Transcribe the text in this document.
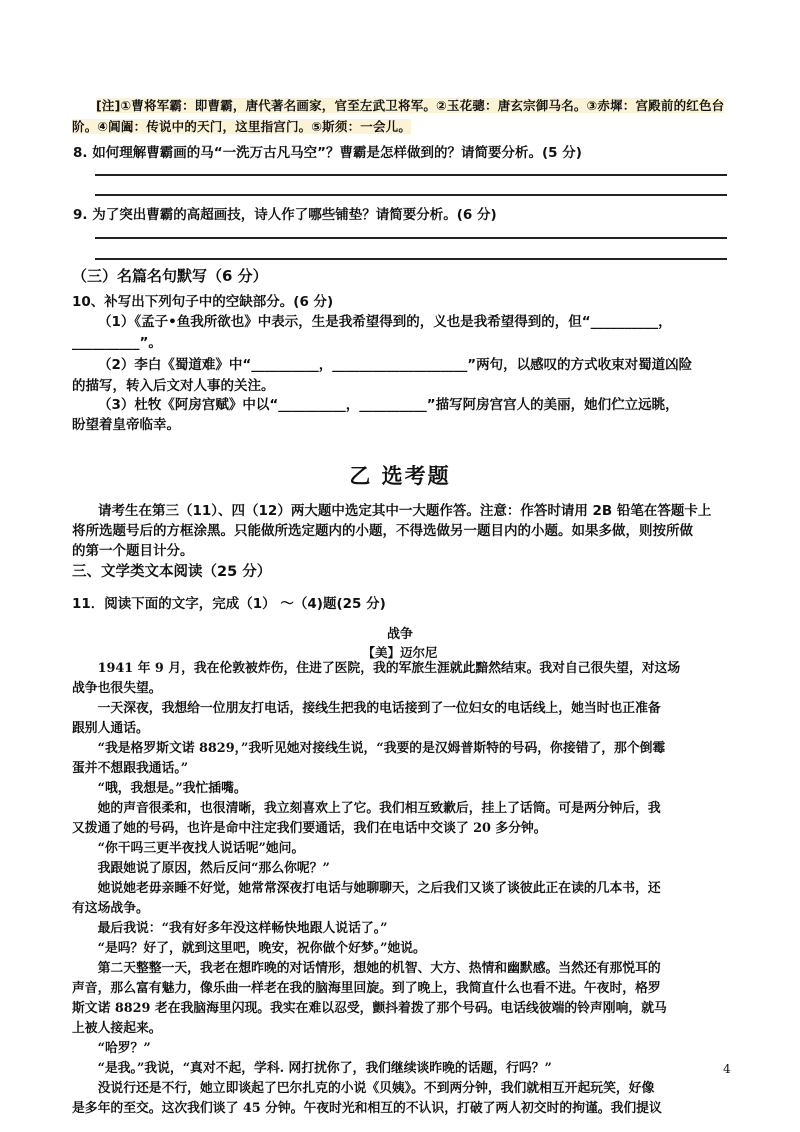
[注]①曹将军霸：即曹霸，唐代著名画家，官至左武卫将军。②玉花骢：唐玄宗御马名。③赤墀：宫殿前的红色台
阶。④阊阖：传说中的天门，这里指宫门。⑤斯须：一会儿。
8. 如何理解曹霸画的马“一洗万古凡马空”？曹霸是怎样做到的？请简要分析。(5 分)
9. 为了突出曹霸的高超画技，诗人作了哪些铺垫？请简要分析。(6 分)
（三）名篇名句默写（6 分）
10、补写出下列句子中的空缺部分。(6 分)
（1）《孟子•鱼我所欲也》中表示，生是我希望得到的，义也是我希望得到的，但“__________，
__________”。
（2）李白《蜀道难》中“__________，____________________”两句，以感叹的方式收束对蜀道凶险
的描写，转入后文对人事的关注。
（3）杜牧《阿房宫赋》中以“__________，__________”描写阿房宫宫人的美丽，她们伫立远眺，
盼望着皇帝临幸。
乙 选考题
请考生在第三（11）、四（12）两大题中选定其中一大题作答。注意：作答时请用 2B 铅笔在答题卡上
将所选题号后的方框涂黑。只能做所选定题内的小题，不得选做另一题目内的小题。如果多做，则按所做
的第一个题目计分。
三、文学类文本阅读（25 分）
11．阅读下面的文字，完成（1） ～（4)题(25 分)
战争
【美】迈尔尼
　　1941 年 9 月，我在伦敦被炸伤，住进了医院，我的军旅生涯就此黯然结束。我对自己很失望，对这场
战争也很失望。
　　一天深夜，我想给一位朋友打电话，接线生把我的电话接到了一位妇女的电话线上，她当时也正准备
跟别人通话。
　　“我是格罗斯文诺 8829，”我听见她对接线生说，“我要的是汉姆普斯特的号码，你接错了，那个倒霉
蛋并不想跟我通话。”
　　“哦，我想是。”我忙插嘴。
　　她的声音很柔和，也很清晰，我立刻喜欢上了它。我们相互致歉后，挂上了话筒。可是两分钟后，我
又拨通了她的号码，也许是命中注定我们要通话，我们在电话中交谈了 20 多分钟。
　　“你干吗三更半夜找人说话呢”她问。
　　我跟她说了原因，然后反问“那么你呢？”
　　她说她老毋亲睡不好觉，她常常深夜打电话与她聊聊天，之后我们又谈了谈彼此正在读的几本书，还
有这场战争。
　　最后我说：“我有好多年没这样畅快地跟人说话了。”
　　“是吗？好了，就到这里吧，晚安，祝你做个好梦。”她说。
　　第二天整整一天，我老在想昨晚的对话情形，想她的机智、大方、热情和幽默感。当然还有那悦耳的
声音，那么富有魅力，像乐曲一样老在我的脑海里回旋。到了晚上，我简直什么也看不进。午夜时，格罗
斯文诺 8829 老在我脑海里闪现。我实在难以忍受，颤抖着拨了那个号码。电话线彼端的铃声刚响，就马
上被人接起来。
　　“哈罗？”
　　“是我。”我说，“真对不起，学科. 网打扰你了，我们继续谈昨晚的话题，行吗？”
　　没说行还是不行，她立即谈起了巴尔扎克的小说《贝姨》。不到两分钟，我们就相互开起玩笑，好像
是多年的至交。这次我们谈了 45 分钟。午夜时光和相互的不认识，打破了两人初交时的拘谨。我们提议
4
